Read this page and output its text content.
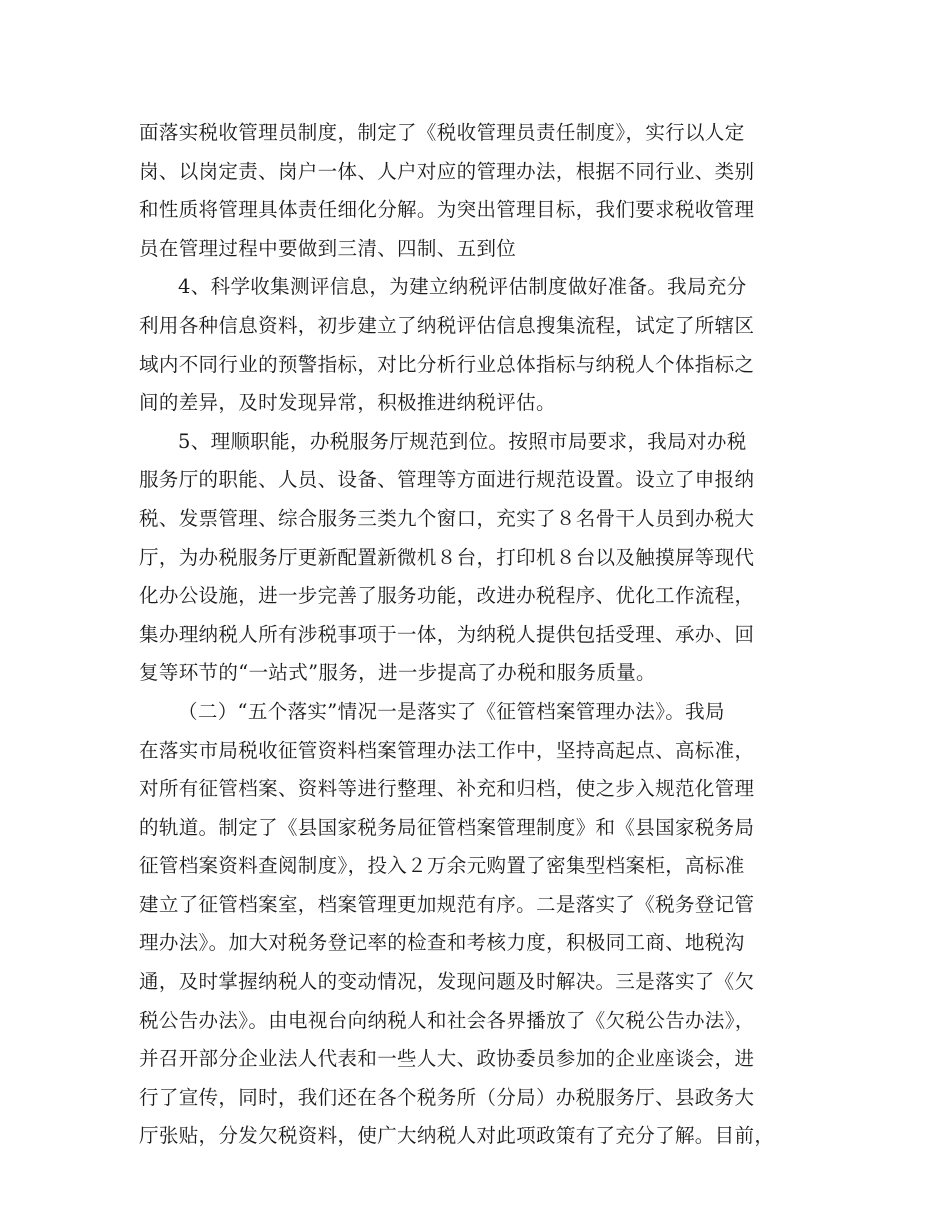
面落实税收管理员制度，制定了《税收管理员责任制度》，实行以人定
岗、以岗定责、岗户一体、人户对应的管理办法，根据不同行业、类别
和性质将管理具体责任细化分解。为突出管理目标，我们要求税收管理
员在管理过程中要做到三清、四制、五到位
4、科学收集测评信息，为建立纳税评估制度做好准备。我局充分
利用各种信息资料，初步建立了纳税评估信息搜集流程，试定了所辖区
域内不同行业的预警指标，对比分析行业总体指标与纳税人个体指标之
间的差异，及时发现异常，积极推进纳税评估。
5、理顺职能，办税服务厅规范到位。按照市局要求，我局对办税
服务厅的职能、人员、设备、管理等方面进行规范设置。设立了申报纳
税、发票管理、综合服务三类九个窗口，充实了８名骨干人员到办税大
厅，为办税服务厅更新配置新微机８台，打印机８台以及触摸屏等现代
化办公设施，进一步完善了服务功能，改进办税程序、优化工作流程，
集办理纳税人所有涉税事项于一体，为纳税人提供包括受理、承办、回
复等环节的“一站式”服务，进一步提高了办税和服务质量。
（二）“五个落实”情况一是落实了《征管档案管理办法》。我局
在落实市局税收征管资料档案管理办法工作中，坚持高起点、高标准，
对所有征管档案、资料等进行整理、补充和归档，使之步入规范化管理
的轨道。制定了《县国家税务局征管档案管理制度》和《县国家税务局
征管档案资料查阅制度》，投入２万余元购置了密集型档案柜，高标准
建立了征管档案室，档案管理更加规范有序。二是落实了《税务登记管
理办法》。加大对税务登记率的检查和考核力度，积极同工商、地税沟
通，及时掌握纳税人的变动情况，发现问题及时解决。三是落实了《欠
税公告办法》。由电视台向纳税人和社会各界播放了《欠税公告办法》，
并召开部分企业法人代表和一些人大、政协委员参加的企业座谈会，进
行了宣传，同时，我们还在各个税务所（分局）办税服务厅、县政务大
厅张贴，分发欠税资料，使广大纳税人对此项政策有了充分了解。目前，
